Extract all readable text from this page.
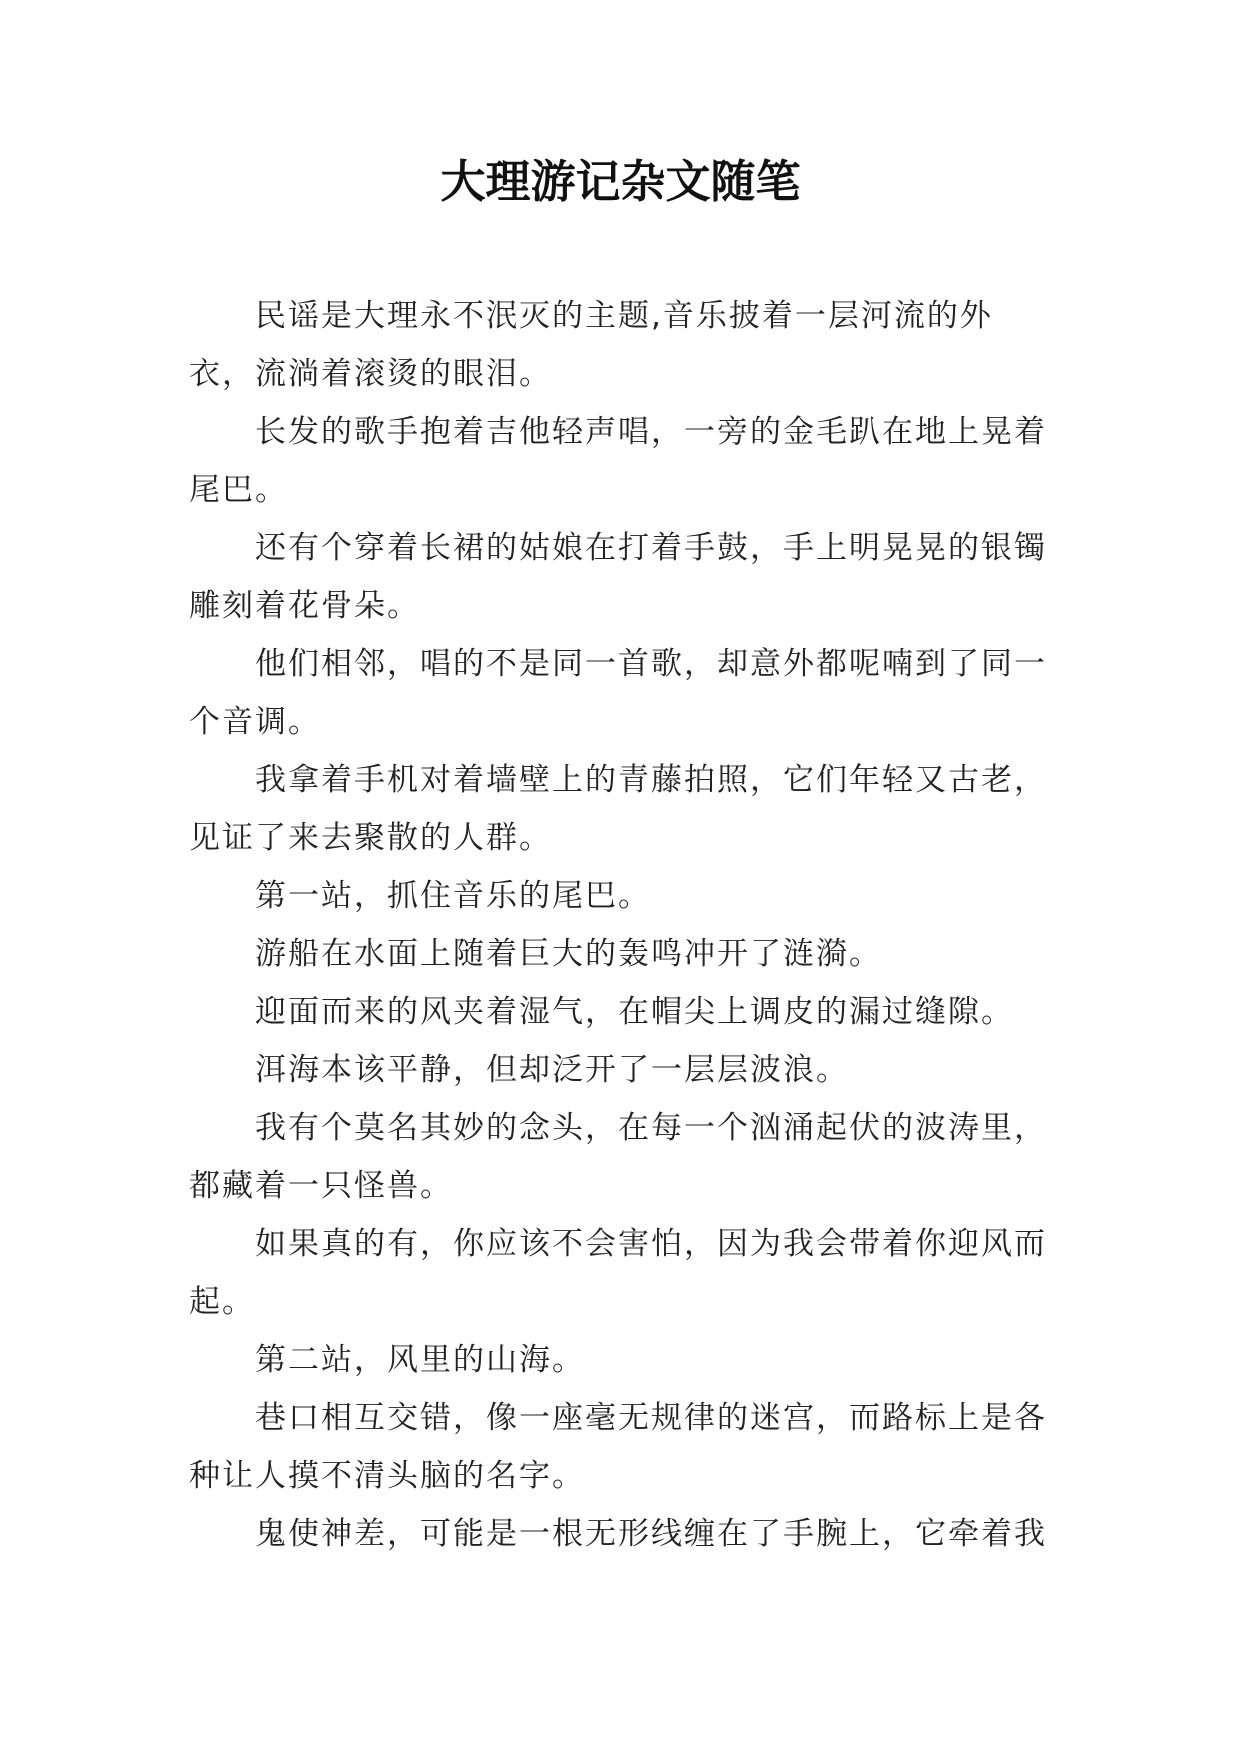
大理游记杂文随笔

民谣是大理永不泯灭的主题,音乐披着一层河流的外衣，流淌着滚烫的眼泪。

长发的歌手抱着吉他轻声唱，一旁的金毛趴在地上晃着尾巴。

还有个穿着长裙的姑娘在打着手鼓，手上明晃晃的银镯雕刻着花骨朵。

他们相邻，唱的不是同一首歌，却意外都呢喃到了同一个音调。

我拿着手机对着墙壁上的青藤拍照，它们年轻又古老，见证了来去聚散的人群。

第一站，抓住音乐的尾巴。

游船在水面上随着巨大的轰鸣冲开了涟漪。

迎面而来的风夹着湿气，在帽尖上调皮的漏过缝隙。

洱海本该平静，但却泛开了一层层波浪。

我有个莫名其妙的念头，在每一个汹涌起伏的波涛里，都藏着一只怪兽。

如果真的有，你应该不会害怕，因为我会带着你迎风而起。

第二站，风里的山海。

巷口相互交错，像一座毫无规律的迷宫，而路标上是各种让人摸不清头脑的名字。

鬼使神差，可能是一根无形线缠在了手腕上，它牵着我
